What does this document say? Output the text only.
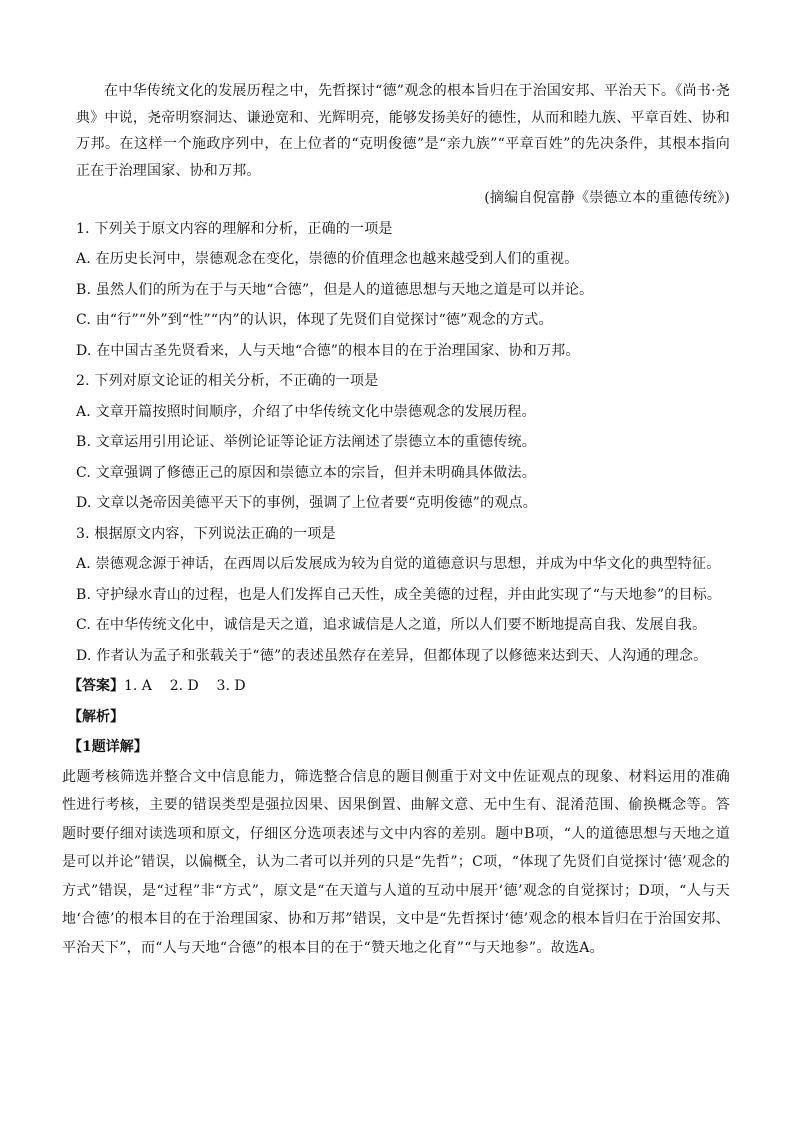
在中华传统文化的发展历程之中，先哲探讨“德”观念的根本旨归在于治国安邦、平治天下。《尚书·尧典》中说，尧帝明察洞达、谦逊宽和、光辉明亮，能够发扬美好的德性，从而和睦九族、平章百姓、协和万邦。在这样一个施政序列中，在上位者的“克明俊德”是“亲九族”“平章百姓”的先决条件，其根本指向正在于治理国家、协和万邦。

(摘编自倪富静《崇德立本的重德传统》)

1. 下列关于原文内容的理解和分析，正确的一项是

A. 在历史长河中，崇德观念在变化，崇德的价值理念也越来越受到人们的重视。

B. 虽然人们的所为在于与天地“合德”，但是人的道德思想与天地之道是可以并论。

C. 由“行”“外”到“性”“内”的认识，体现了先贤们自觉探讨“德”观念的方式。

D. 在中国古圣先贤看来，人与天地“合德”的根本目的在于治理国家、协和万邦。

2. 下列对原文论证的相关分析，不正确的一项是

A. 文章开篇按照时间顺序，介绍了中华传统文化中崇德观念的发展历程。

B. 文章运用引用论证、举例论证等论证方法阐述了崇德立本的重德传统。

C. 文章强调了修德正己的原因和崇德立本的宗旨，但并未明确具体做法。

D. 文章以尧帝因美德平天下的事例，强调了上位者要“克明俊德”的观点。

3. 根据原文内容，下列说法正确的一项是

A. 崇德观念源于神话，在西周以后发展成为较为自觉的道德意识与思想，并成为中华文化的典型特征。

B. 守护绿水青山的过程，也是人们发挥自己天性，成全美德的过程，并由此实现了“与天地参”的目标。

C. 在中华传统文化中，诚信是天之道，追求诚信是人之道，所以人们要不断地提高自我、发展自我。

D. 作者认为孟子和张载关于“德”的表述虽然存在差异，但都体现了以修德来达到天、人沟通的理念。

【答案】1. A    2. D    3. D

【解析】

【1题详解】

此题考核筛选并整合文中信息能力，筛选整合信息的题目侧重于对文中佐证观点的现象、材料运用的准确性进行考核，主要的错误类型是强拉因果、因果倒置、曲解文意、无中生有、混淆范围、偷换概念等。答题时要仔细对读选项和原文，仔细区分选项表述与文中内容的差别。题中B项，“人的道德思想与天地之道是可以并论”错误，以偏概全，认为二者可以并列的只是“先哲”；C项，“体现了先贤们自觉探讨‘德’观念的方式”错误，是“过程”非“方式”，原文是“在天道与人道的互动中展开‘德’观念的自觉探讨；D项，“人与天地‘合德’的根本目的在于治理国家、协和万邦”错误，文中是“先哲探讨‘德’观念的根本旨归在于治国安邦、平治天下”，而“人与天地“合德”的根本目的在于“赞天地之化育”“与天地参”。故选A。
